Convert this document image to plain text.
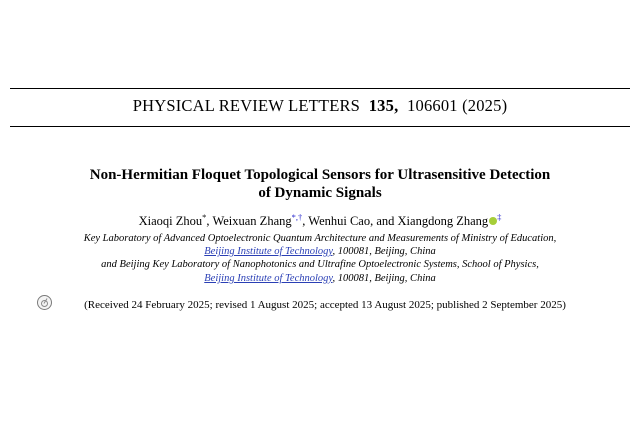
PHYSICAL REVIEW LETTERS 135, 106601 (2025)
Non-Hermitian Floquet Topological Sensors for Ultrasensitive Detection
of Dynamic Signals
Xiaoqi Zhou*, Weixuan Zhang*,†, Wenhui Cao, and Xiangdong Zhang ‡
Key Laboratory of Advanced Optoelectronic Quantum Architecture and Measurements of Ministry of Education,
Beijing Institute of Technology, 100081, Beijing, China
and Beijing Key Laboratory of Nanophotonics and Ultrafine Optoelectronic Systems, School of Physics,
Beijing Institute of Technology, 100081, Beijing, China
(Received 24 February 2025; revised 1 August 2025; accepted 13 August 2025; published 2 September 2025)
